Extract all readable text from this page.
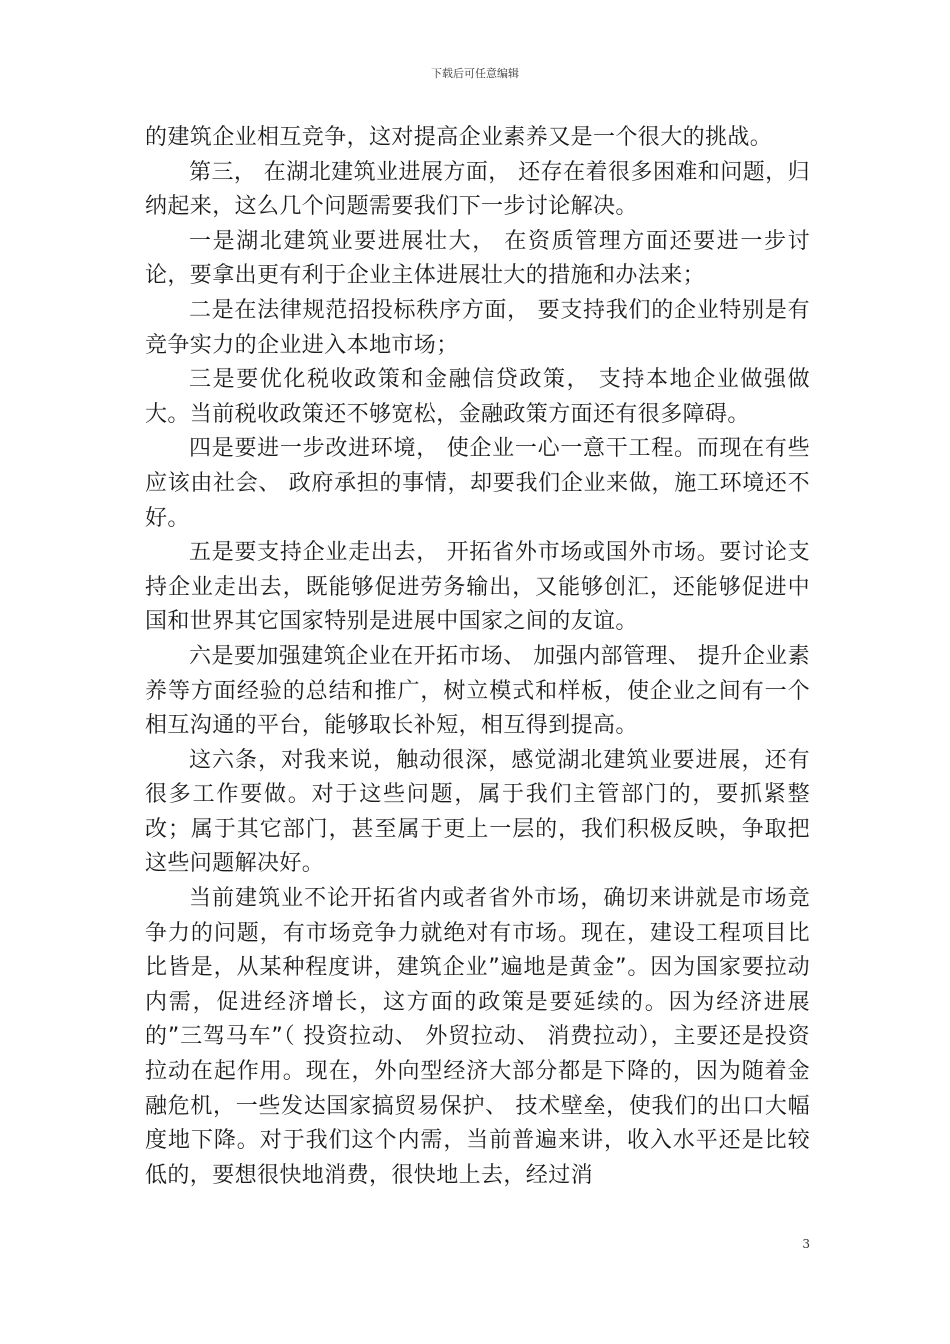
下载后可任意编辑

的建筑企业相互竞争，这对提高企业素养又是一个很大的挑战。

第三， 在湖北建筑业进展方面， 还存在着很多困难和问题，归纳起来，这么几个问题需要我们下一步讨论解决。

一是湖北建筑业要进展壮大， 在资质管理方面还要进一步讨论，要拿出更有利于企业主体进展壮大的措施和办法来；

二是在法律规范招投标秩序方面， 要支持我们的企业特别是有竞争实力的企业进入本地市场；

三是要优化税收政策和金融信贷政策， 支持本地企业做强做大。当前税收政策还不够宽松，金融政策方面还有很多障碍。

四是要进一步改进环境， 使企业一心一意干工程。而现在有些应该由社会、 政府承担的事情，却要我们企业来做，施工环境还不好。

五是要支持企业走出去， 开拓省外市场或国外市场。要讨论支持企业走出去，既能够促进劳务输出，又能够创汇，还能够促进中国和世界其它国家特别是进展中国家之间的友谊。

六是要加强建筑企业在开拓市场、 加强内部管理、 提升企业素养等方面经验的总结和推广，树立模式和样板，使企业之间有一个相互沟通的平台，能够取长补短，相互得到提高。

这六条，对我来说，触动很深，感觉湖北建筑业要进展，还有很多工作要做。对于这些问题，属于我们主管部门的，要抓紧整改；属于其它部门，甚至属于更上一层的，我们积极反映，争取把这些问题解决好。

当前建筑业不论开拓省内或者省外市场，确切来讲就是市场竞争力的问题，有市场竞争力就绝对有市场。现在，建设工程项目比比皆是，从某种程度讲，建筑企业”遍地是黄金”。因为国家要拉动内需，促进经济增长，这方面的政策是要延续的。因为经济进展的”三驾马车”（ 投资拉动、 外贸拉动、 消费拉动），主要还是投资拉动在起作用。现在，外向型经济大部分都是下降的，因为随着金融危机，一些发达国家搞贸易保护、 技术壁垒，使我们的出口大幅度地下降。对于我们这个内需，当前普遍来讲，收入水平还是比较低的，要想很快地消费，很快地上去，经过消

3
